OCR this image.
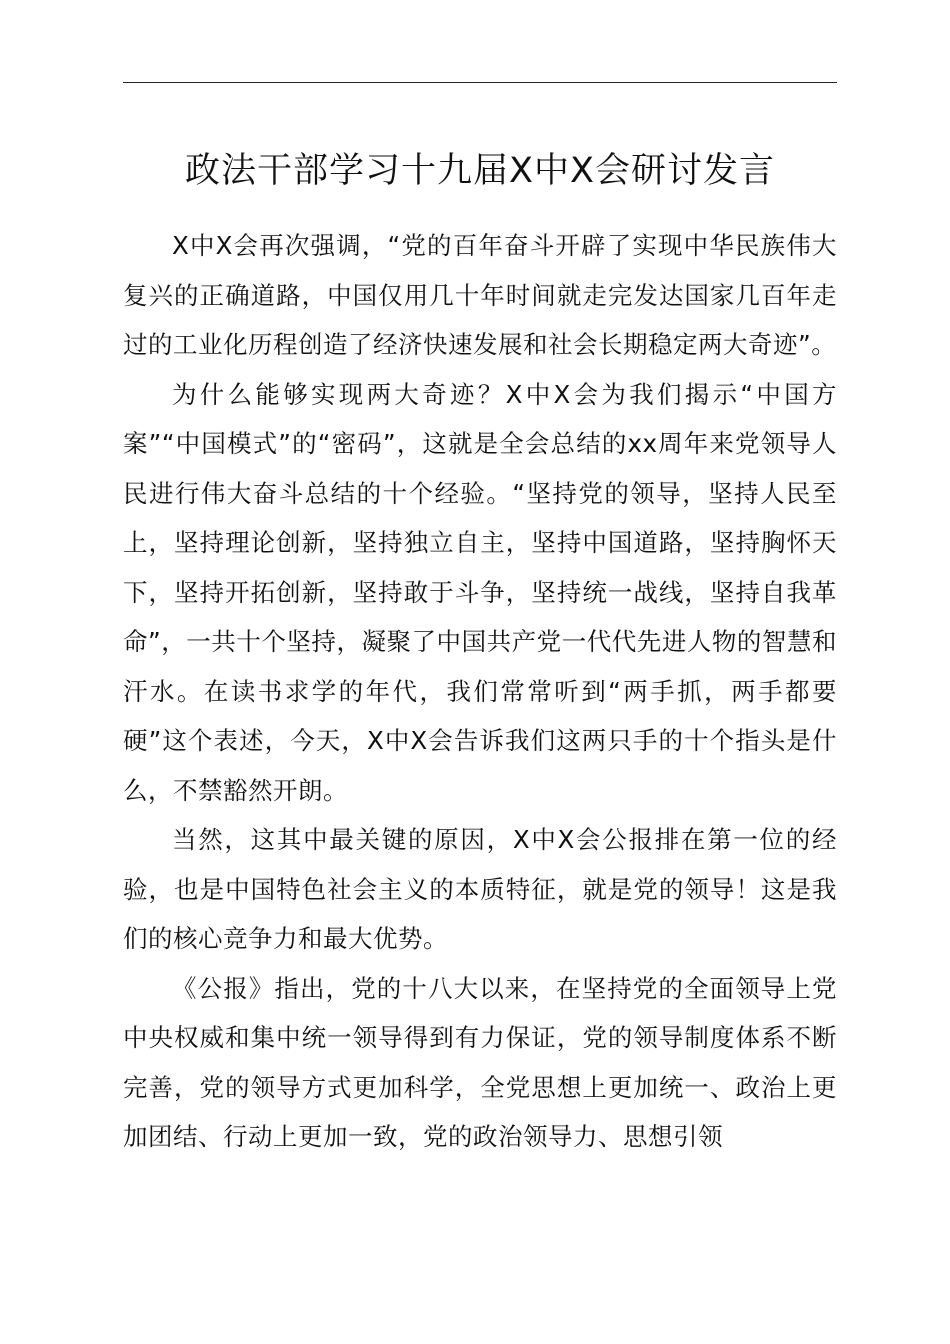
政法干部学习十九届X中X会研讨发言

X中X会再次强调，“党的百年奋斗开辟了实现中华民族伟大复兴的正确道路，中国仅用几十年时间就走完发达国家几百年走过的工业化历程创造了经济快速发展和社会长期稳定两大奇迹”。

为什么能够实现两大奇迹？X中X会为我们揭示“中国方案”“中国模式”的“密码”，这就是全会总结的xx周年来党领导人民进行伟大奋斗总结的十个经验。“坚持党的领导，坚持人民至上，坚持理论创新，坚持独立自主，坚持中国道路，坚持胸怀天下，坚持开拓创新，坚持敢于斗争，坚持统一战线，坚持自我革命”，一共十个坚持，凝聚了中国共产党一代代先进人物的智慧和汗水。在读书求学的年代，我们常常听到“两手抓，两手都要硬”这个表述，今天，X中X会告诉我们这两只手的十个指头是什么，不禁豁然开朗。

当然，这其中最关键的原因，X中X会公报排在第一位的经验，也是中国特色社会主义的本质特征，就是党的领导！这是我们的核心竞争力和最大优势。

《公报》指出，党的十八大以来，在坚持党的全面领导上党中央权威和集中统一领导得到有力保证，党的领导制度体系不断完善，党的领导方式更加科学，全党思想上更加统一、政治上更加团结、行动上更加一致，党的政治领导力、思想引领
